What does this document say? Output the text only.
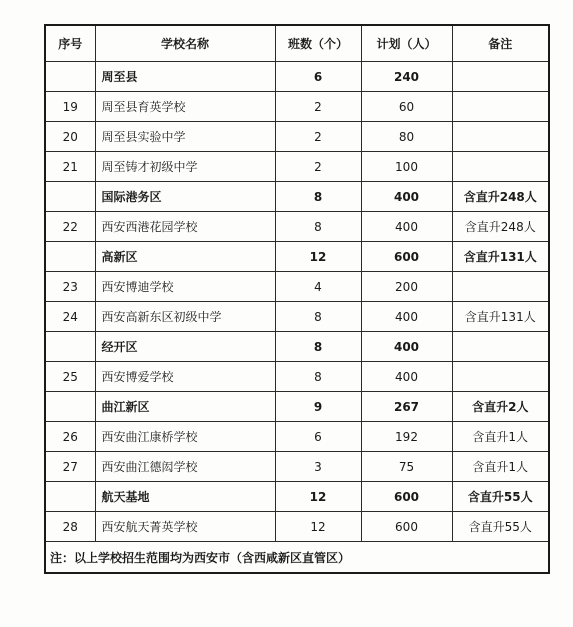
序号	学校名称	班数（个）	计划（人）	备注
	周至县	6	240	
19	周至县育英学校	2	60	
20	周至县实验中学	2	80	
21	周至铸才初级中学	2	100	
	国际港务区	8	400	含直升248人
22	西安西港花园学校	8	400	含直升248人
	高新区	12	600	含直升131人
23	西安博迪学校	4	200	
24	西安高新东区初级中学	8	400	含直升131人
	经开区	8	400	
25	西安博爱学校	8	400	
	曲江新区	9	267	含直升2人
26	西安曲江康桥学校	6	192	含直升1人
27	西安曲江德闳学校	3	75	含直升1人
	航天基地	12	600	含直升55人
28	西安航天菁英学校	12	600	含直升55人
注：以上学校招生范围均为西安市（含西咸新区直管区）				
